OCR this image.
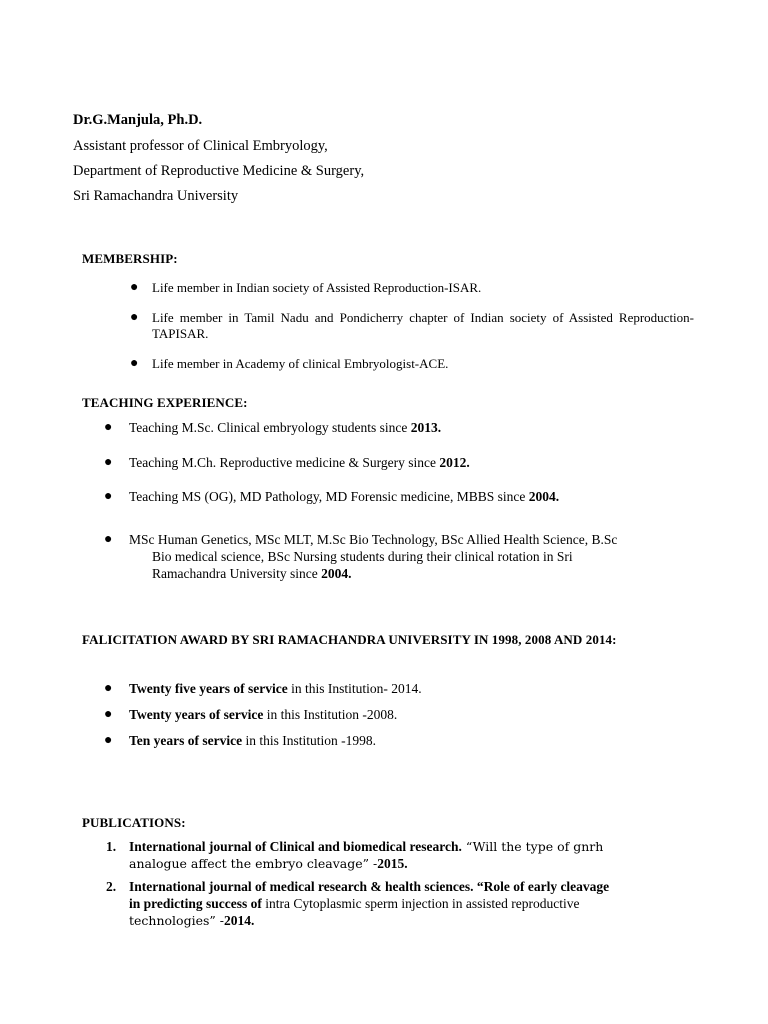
Dr.G.Manjula, Ph.D.
Assistant professor of Clinical Embryology,
Department of Reproductive Medicine & Surgery,
Sri Ramachandra University
MEMBERSHIP:
● Life member in Indian society of Assisted Reproduction-ISAR.
● Life member in Tamil Nadu and Pondicherry chapter of Indian society of Assisted Reproduction- TAPISAR.
● Life member in Academy of clinical Embryologist-ACE.
TEACHING EXPERIENCE:
● Teaching M.Sc. Clinical embryology students since 2013.
● Teaching M.Ch. Reproductive medicine & Surgery since 2012.
● Teaching MS (OG), MD Pathology, MD Forensic medicine, MBBS since 2004.
● MSc Human Genetics, MSc MLT, M.Sc Bio Technology, BSc Allied Health Science, B.Sc
Bio medical science, BSc Nursing students during their clinical rotation in Sri
Ramachandra University since 2004.
FALICITATION AWARD BY SRI RAMACHANDRA UNIVERSITY IN 1998, 2008 AND 2014:
● Twenty five years of service in this Institution- 2014.
● Twenty years of service in this Institution -2008.
● Ten years of service in this Institution -1998.
PUBLICATIONS:
1. International journal of Clinical and biomedical research. “Will the type of gnrh
analogue affect the embryo cleavage” -2015.
2. International journal of medical research & health sciences. “Role of early cleavage
in predicting success of intra Cytoplasmic sperm injection in assisted reproductive
technologies” -2014.
